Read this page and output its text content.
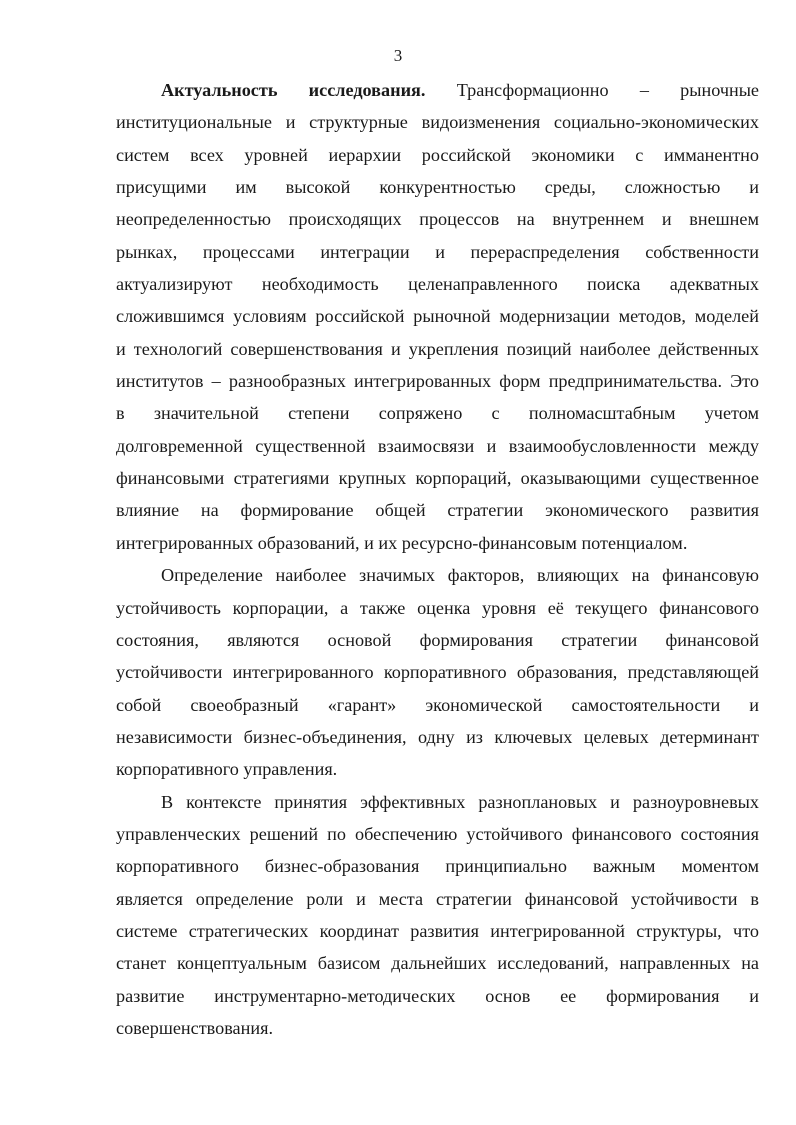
3
Актуальность исследования. Трансформационно – рыночные
институциональные и структурные видоизменения социально-экономических
систем всех уровней иерархии российской экономики с имманентно
присущими им высокой конкурентностью среды, сложностью и
неопределенностью происходящих процессов на внутреннем и внешнем
рынках, процессами интеграции и перераспределения собственности
актуализируют необходимость целенаправленного поиска адекватных
сложившимся условиям российской рыночной модернизации методов, моделей
и технологий совершенствования и укрепления позиций наиболее действенных
институтов – разнообразных интегрированных форм предпринимательства. Это
в значительной степени сопряжено с полномасштабным учетом
долговременной существенной взаимосвязи и взаимообусловленности между
финансовыми стратегиями крупных корпораций, оказывающими существенное
влияние на формирование общей стратегии экономического развития
интегрированных образований, и их ресурсно-финансовым потенциалом.
Определение наиболее значимых факторов, влияющих на финансовую
устойчивость корпорации, а также оценка уровня её текущего финансового
состояния, являются основой формирования стратегии финансовой
устойчивости интегрированного корпоративного образования, представляющей
собой своеобразный «гарант» экономической самостоятельности и
независимости бизнес-объединения, одну из ключевых целевых детерминант
корпоративного управления.
В контексте принятия эффективных разноплановых и разноуровневых
управленческих решений по обеспечению устойчивого финансового состояния
корпоративного бизнес-образования принципиально важным моментом
является определение роли и места стратегии финансовой устойчивости в
системе стратегических координат развития интегрированной структуры, что
станет концептуальным базисом дальнейших исследований, направленных на
развитие инструментарно-методических основ ее формирования и
совершенствования.
